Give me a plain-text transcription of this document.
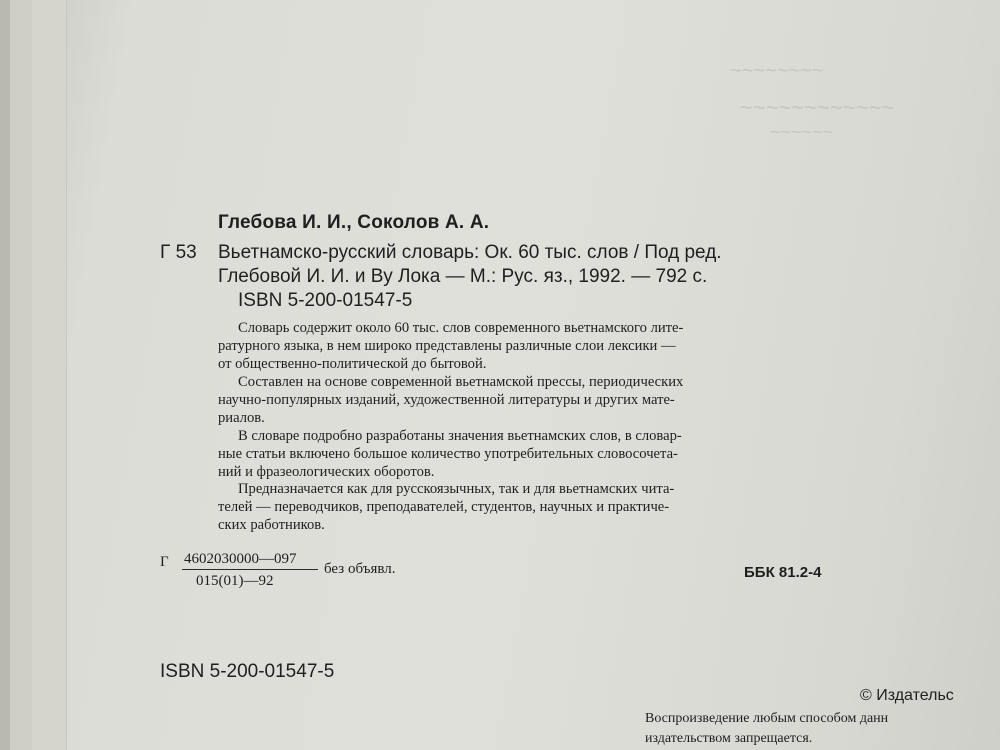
~~~~~~~~
~~~~~~~~~~~~
~~~~~~
Глебова И. И., Соколов А. А.
Г 53 Вьетнамско-русский словарь: Ок. 60 тыс. слов / Под ред.
Глебовой И. И. и Ву Лока — М.: Рус. яз., 1992. — 792 с.
ISBN 5-200-01547-5

Словарь содержит около 60 тыс. слов современного вьетнамского лите-

ратурного языка, в нем широко представлены различные слои лексики —

от общественно-политической до бытовой.

Составлен на основе современной вьетнамской прессы, периодических

научно-популярных изданий, художественной литературы и других мате-

риалов.

В словаре подробно разработаны значения вьетнамских слов, в словар-

ные статьи включено большое количество употребительных словосочета-

ний и фразеологических оборотов.

Предназначается как для русскоязычных, так и для вьетнамских чита-

телей — переводчиков, преподавателей, студентов, научных и практиче-

ских работников.

Г 4602030000—097
015(01)—92
без объявл.	ББК 81.2-4
ISBN 5-200-01547-5
© Издательс
Воспроизведение любым способом данн
издательством запрещается.
